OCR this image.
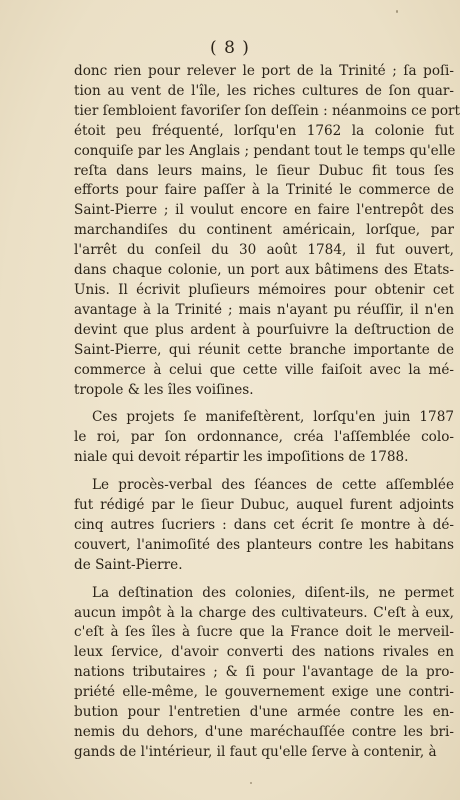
( 8 )
donc rien pour relever le port de la Trinité ; ſa poſi-
tion au vent de l'île, les riches cultures de ſon quar-
tier ſembloient favoriſer ſon deſſein : néanmoins ce port
étoit peu fréquenté, lorſqu'en 1762 la colonie fut
conquiſe par les Anglais ; pendant tout le temps qu'elle
reſta dans leurs mains, le ſieur Dubuc fit tous ſes
efforts pour faire paſſer à la Trinité le commerce de
Saint-Pierre ; il voulut encore en faire l'entrepôt des
marchandiſes du continent américain, lorſque, par
l'arrêt du conſeil du 30 août 1784, il fut ouvert,
dans chaque colonie, un port aux bâtimens des Etats-
Unis. Il écrivit pluſieurs mémoires pour obtenir cet
avantage à la Trinité ; mais n'ayant pu réuſſir, il n'en
devint que plus ardent à pourſuivre la deſtruction de
Saint-Pierre, qui réunit cette branche importante de
commerce à celui que cette ville faiſoit avec la mé-
tropole & les îles voiſines.
Ces projets ſe manifeſtèrent, lorſqu'en juin 1787
le roi, par ſon ordonnance, créa l'aſſemblée colo-
niale qui devoit répartir les impoſitions de 1788.
Le procès-verbal des ſéances de cette aſſemblée
fut rédigé par le ſieur Dubuc, auquel furent adjoints
cinq autres ſucriers : dans cet écrit ſe montre à dé-
couvert, l'animoſité des planteurs contre les habitans
de Saint-Pierre.
La deſtination des colonies, diſent-ils, ne permet
aucun impôt à la charge des cultivateurs. C'eſt à eux,
c'eſt à ſes îles à ſucre que la France doit le merveil-
leux ſervice, d'avoir converti des nations rivales en
nations tributaires ; & ſi pour l'avantage de la pro-
priété elle-même, le gouvernement exige une contri-
bution pour l'entretien d'une armée contre les en-
nemis du dehors, d'une maréchauſſée contre les bri-
gands de l'intérieur, il faut qu'elle ſerve à contenir, à
